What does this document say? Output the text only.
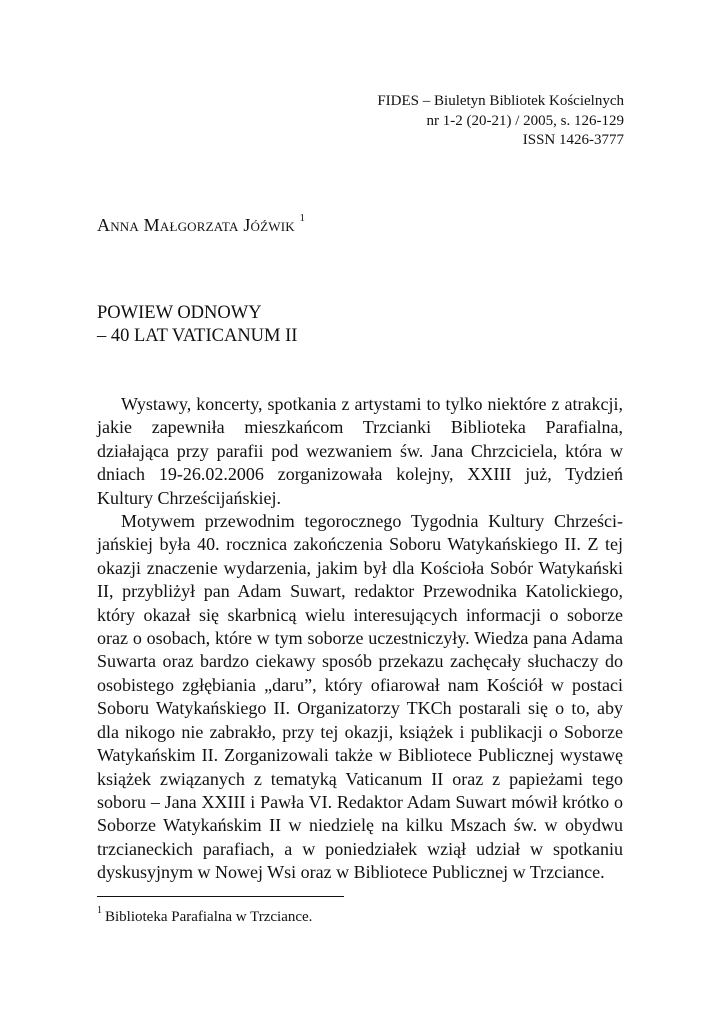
FIDES – Biuletyn Bibliotek Kościelnych
nr 1-2 (20-21) / 2005, s. 126-129
ISSN 1426-3777
Anna Małgorzata Jóźwik $^1$
POWIEW ODNOWY
– 40 LAT VATICANUM II

Wystawy, koncerty, spotkania z artystami to tylko niektóre z atrakcji, jakie zapewniła mieszkańcom Trzcianki Biblioteka Parafialna, działająca przy parafii pod wezwaniem św. Jana Chrzciciela, która w dniach 19-26.02.2006 zorganizowała kolejny, XXIII już, Tydzień Kultury Chrześcijańskiej.

Motywem przewodnim tegorocznego Tygodnia Kultury Chrześcijańskiej była 40. rocznica zakończenia Soboru Watykańskiego II. Z tej okazji znaczenie wydarzenia, jakim był dla Kościoła Sobór Watykański II, przybliżył pan Adam Suwart, redaktor Przewodnika Katolickiego, który okazał się skarbnicą wielu interesujących informacji o soborze oraz o osobach, które w tym soborze uczestniczyły. Wiedza pana Adama Suwarta oraz bardzo ciekawy sposób przekazu zachęcały słuchaczy do osobistego zgłębiania „daru”, który ofiarował nam Kościół w postaci Soboru Watykańskiego II. Organizatorzy TKCh postarali się o to, aby dla nikogo nie zabrakło, przy tej okazji, książek i publikacji o Soborze Watykańskim II. Zorganizowali także w Bibliotece Publicznej wystawę książek związanych z tematyką Vaticanum II oraz z papieżami tego soboru – Jana XXIII i Pawła VI. Redaktor Adam Suwart mówił krótko o Soborze Watykańskim II w niedzielę na kilku Mszach św. w obydwu trzcianeckich parafiach, a w poniedziałek wziął udział w spotkaniu dyskusyjnym w Nowej Wsi oraz w Bibliotece Publicznej w Trzciance.

$^1$ Biblioteka Parafialna w Trzciance.
